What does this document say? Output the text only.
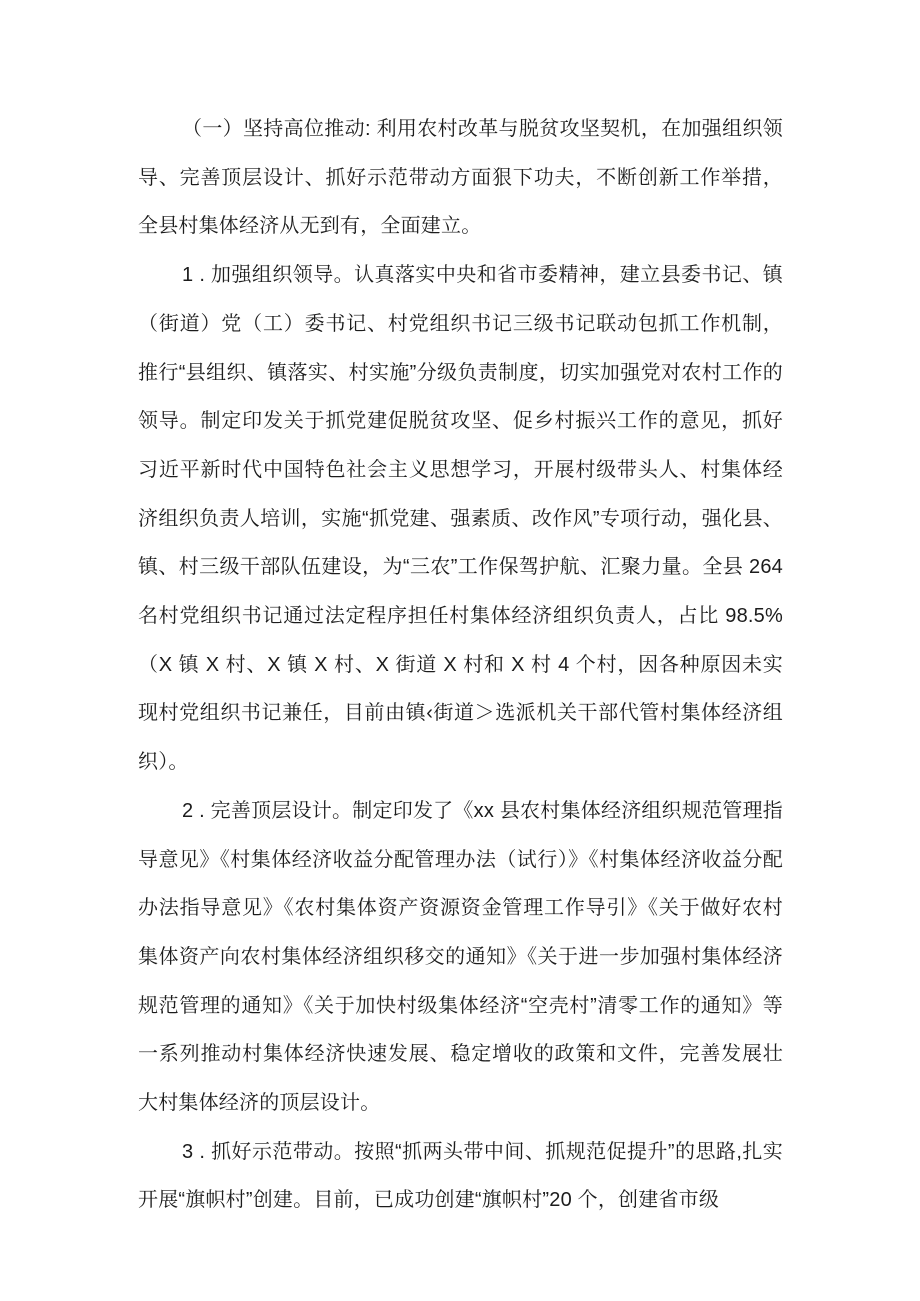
（一）坚持高位推动: 利用农村改革与脱贫攻坚契机，在加强组织领导、完善顶层设计、抓好示范带动方面狠下功夫，不断创新工作举措，全县村集体经济从无到有，全面建立。

1 . 加强组织领导。认真落实中央和省市委精神，建立县委书记、镇（街道）党（工）委书记、村党组织书记三级书记联动包抓工作机制，推行“县组织、镇落实、村实施”分级负责制度，切实加强党对农村工作的领导。制定印发关于抓党建促脱贫攻坚、促乡村振兴工作的意见，抓好习近平新时代中国特色社会主义思想学习，开展村级带头人、村集体经济组织负责人培训，实施“抓党建、强素质、改作风”专项行动，强化县、镇、村三级干部队伍建设，为“三农”工作保驾护航、汇聚力量。全县 264 名村党组织书记通过法定程序担任村集体经济组织负责人，占比 98.5%（X 镇 X 村、X 镇 X 村、X 街道 X 村和 X 村 4 个村，因各种原因未实现村党组织书记兼任，目前由镇‹街道＞选派机关干部代管村集体经济组织）。

2 . 完善顶层设计。制定印发了《xx 县农村集体经济组织规范管理指导意见》《村集体经济收益分配管理办法（试行）》《村集体经济收益分配办法指导意见》《农村集体资产资源资金管理工作导引》《关于做好农村集体资产向农村集体经济组织移交的通知》《关于进一步加强村集体经济规范管理的通知》《关于加快村级集体经济“空壳村”清零工作的通知》等一系列推动村集体经济快速发展、稳定增收的政策和文件，完善发展壮大村集体经济的顶层设计。

3 . 抓好示范带动。按照“抓两头带中间、抓规范促提升”的思路,扎实开展“旗帜村”创建。目前，已成功创建“旗帜村”20 个，创建省市级
